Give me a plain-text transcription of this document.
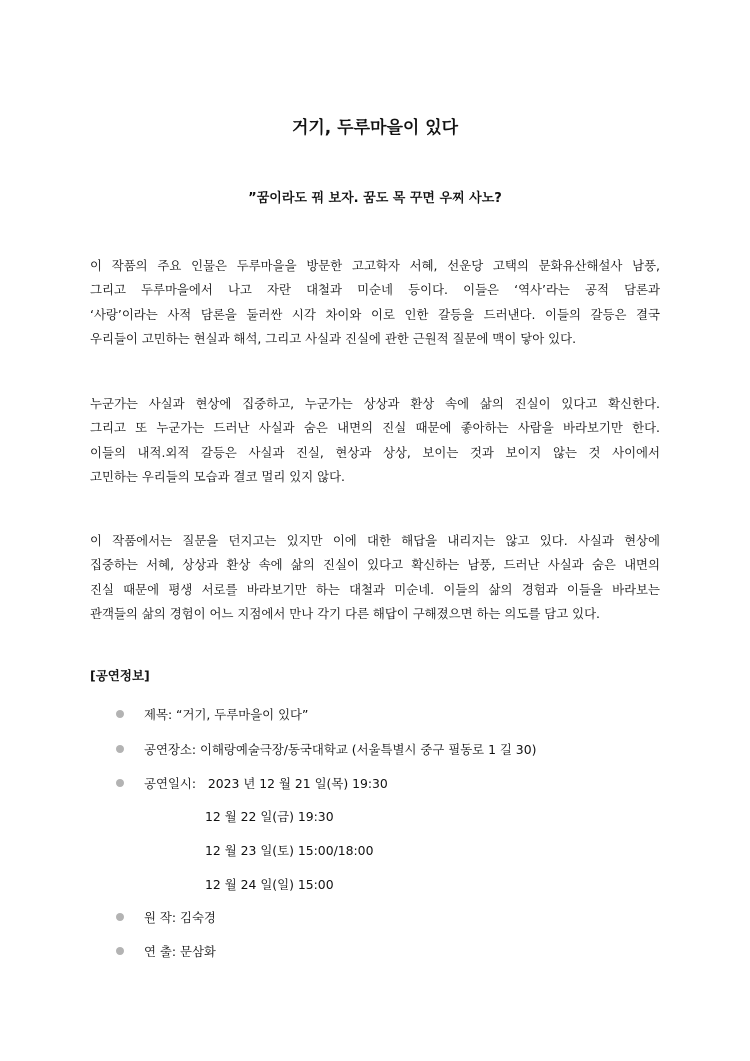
거기, 두루마을이 있다
”꿈이라도 꿔 보자. 꿈도 목 꾸면 우찌 사노?
이 작품의 주요 인물은 두루마을을 방문한 고고학자 서혜, 선운당 고택의 문화유산해설사 남풍,
그리고 두루마을에서 나고 자란 대철과 미순네 등이다. 이들은 ‘역사’라는 공적 담론과
‘사랑’이라는 사적 담론을 둘러싼 시각 차이와 이로 인한 갈등을 드러낸다. 이들의 갈등은 결국
우리들이 고민하는 현실과 해석, 그리고 사실과 진실에 관한 근원적 질문에 맥이 닿아 있다.
누군가는 사실과 현상에 집중하고, 누군가는 상상과 환상 속에 삶의 진실이 있다고 확신한다.
그리고 또 누군가는 드러난 사실과 숨은 내면의 진실 때문에 좋아하는 사람을 바라보기만 한다.
이들의 내적.외적 갈등은 사실과 진실, 현상과 상상, 보이는 것과 보이지 않는 것 사이에서
고민하는 우리들의 모습과 결코 멀리 있지 않다.
이 작품에서는 질문을 던지고는 있지만 이에 대한 해답을 내리지는 않고 있다. 사실과 현상에
집중하는 서혜, 상상과 환상 속에 삶의 진실이 있다고 확신하는 남풍, 드러난 사실과 숨은 내면의
진실 때문에 평생 서로를 바라보기만 하는 대철과 미순네. 이들의 삶의 경험과 이들을 바라보는
관객들의 삶의 경험이 어느 지점에서 만나 각기 다른 해답이 구해졌으면 하는 의도를 담고 있다.
[공연정보]
제목: “거기, 두루마을이 있다”
공연장소: 이해랑예술극장/동국대학교 (서울특별시 중구 필동로 1 길 30)
공연일시:   2023 년 12 월 21 일(목) 19:30
12 월 22 일(금) 19:30
12 월 23 일(토) 15:00/18:00
12 월 24 일(일) 15:00
원 작: 김숙경
연 출: 문삼화
